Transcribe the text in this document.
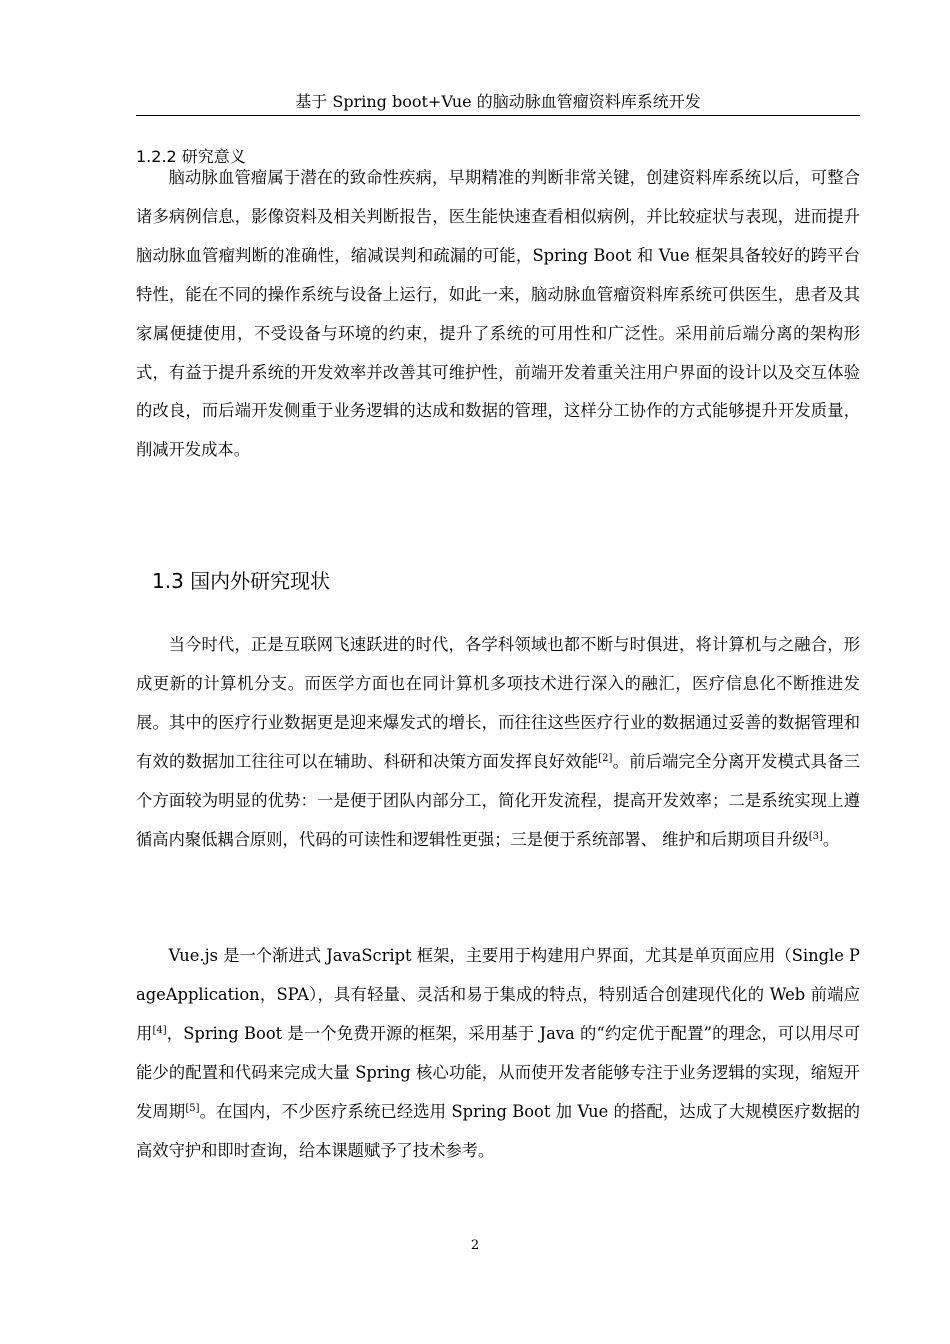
基于 Spring boot+Vue 的脑动脉血管瘤资料库系统开发
1.2.2 研究意义

脑动脉血管瘤属于潜在的致命性疾病，早期精准的判断非常关键，创建资料库系统以后，可整合诸多病例信息，影像资料及相关判断报告，医生能快速查看相似病例，并比较症状与表现，进而提升脑动脉血管瘤判断的准确性，缩减误判和疏漏的可能，Spring Boot 和 Vue 框架具备较好的跨平台特性，能在不同的操作系统与设备上运行，如此一来，脑动脉血管瘤资料库系统可供医生，患者及其家属便捷使用，不受设备与环境的约束，提升了系统的可用性和广泛性。采用前后端分离的架构形式，有益于提升系统的开发效率并改善其可维护性，前端开发着重关注用户界面的设计以及交互体验的改良，而后端开发侧重于业务逻辑的达成和数据的管理，这样分工协作的方式能够提升开发质量，削减开发成本。

1.3 国内外研究现状

当今时代，正是互联网飞速跃进的时代，各学科领域也都不断与时俱进，将计算机与之融合，形成更新的计算机分支。而医学方面也在同计算机多项技术进行深入的融汇，医疗信息化不断推进发展。其中的医疗行业数据更是迎来爆发式的增长，而往往这些医疗行业的数据通过妥善的数据管理和有效的数据加工往往可以在辅助、科研和决策方面发挥良好效能[2]。前后端完全分离开发模式具备三个方面较为明显的优势：一是便于团队内部分工，简化开发流程，提高开发效率；二是系统实现上遵循高内聚低耦合原则，代码的可读性和逻辑性更强；三是便于系统部署、 维护和后期项目升级[3]。

Vue.js 是一个渐进式 JavaScript 框架，主要用于构建用户界面，尤其是单页面应用（Single PageApplication，SPA），具有轻量、灵活和易于集成的特点，特别适合创建现代化的 Web 前端应用[4]，Spring Boot 是一个免费开源的框架，采用基于 Java 的“约定优于配置”的理念，可以用尽可能少的配置和代码来完成大量 Spring 核心功能，从而使开发者能够专注于业务逻辑的实现，缩短开发周期[5]。在国内，不少医疗系统已经选用 Spring Boot 加 Vue 的搭配，达成了大规模医疗数据的高效守护和即时查询，给本课题赋予了技术参考。

2
